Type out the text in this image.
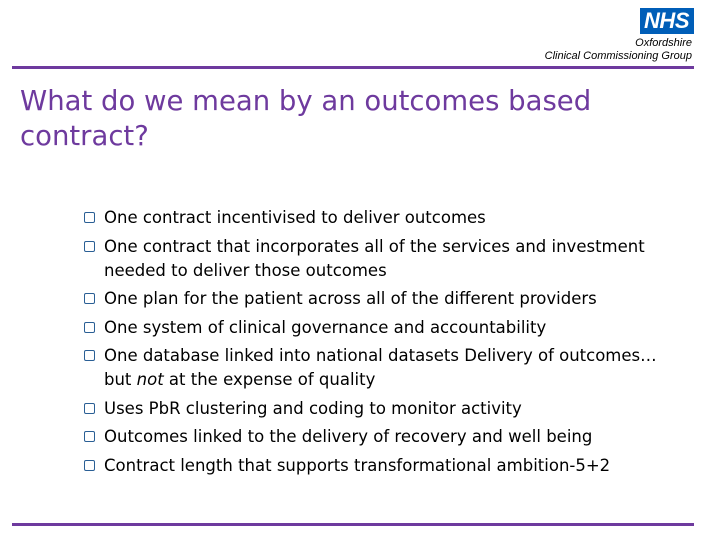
NHS
Oxfordshire
Clinical Commissioning Group
What do we mean by an outcomes based contract?
One contract incentivised to deliver outcomes
One contract that incorporates all of the services and investment needed to deliver those outcomes
One plan for the patient across all of the different providers
One system of clinical governance and accountability
One database linked into national datasets Delivery of outcomes…but not at the expense of quality
Uses PbR clustering and coding to monitor activity
Outcomes linked to the delivery of recovery and well being
Contract length that supports transformational ambition-5+2
